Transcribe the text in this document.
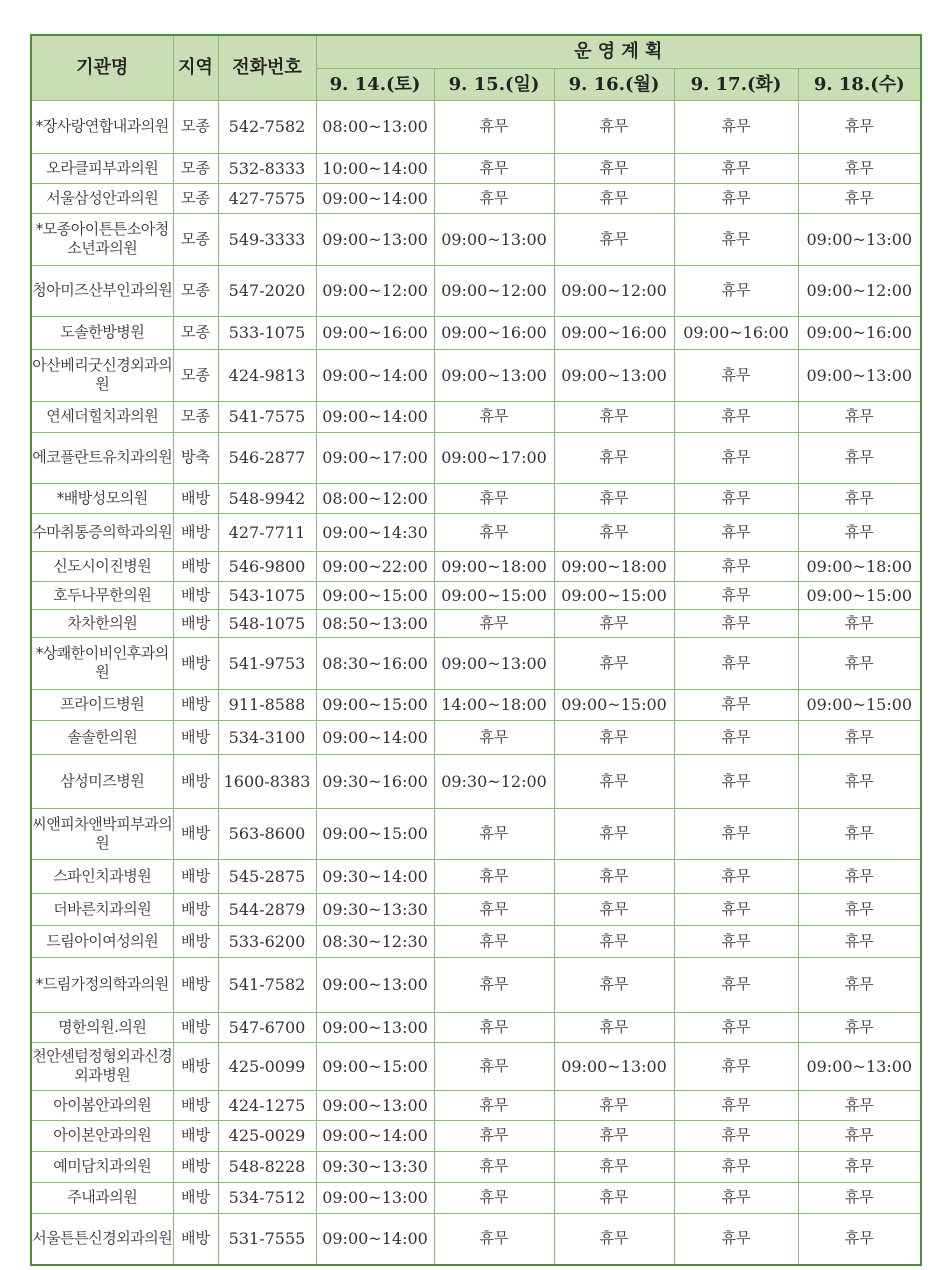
기관명	지역	전화번호	운 영 계 획				
			9. 14.(토)	9. 15.(일)	9. 16.(월)	9. 17.(화)	9. 18.(수)
*장사랑연합내과의원	모종	542-7582	08:00~13:00	휴무	휴무	휴무	휴무
오라클피부과의원	모종	532-8333	10:00~14:00	휴무	휴무	휴무	휴무
서울삼성안과의원	모종	427-7575	09:00~14:00	휴무	휴무	휴무	휴무
*모종아이튼튼소아청소년과의원	모종	549-3333	09:00~13:00	09:00~13:00	휴무	휴무	09:00~13:00
청아미즈산부인과의원	모종	547-2020	09:00~12:00	09:00~12:00	09:00~12:00	휴무	09:00~12:00
도솔한방병원	모종	533-1075	09:00~16:00	09:00~16:00	09:00~16:00	09:00~16:00	09:00~16:00
아산베리굿신경외과의원	모종	424-9813	09:00~14:00	09:00~13:00	09:00~13:00	휴무	09:00~13:00
연세더힐치과의원	모종	541-7575	09:00~14:00	휴무	휴무	휴무	휴무
에코플란트유치과의원	방축	546-2877	09:00~17:00	09:00~17:00	휴무	휴무	휴무
*배방성모의원	배방	548-9942	08:00~12:00	휴무	휴무	휴무	휴무
수마취통증의학과의원	배방	427-7711	09:00~14:30	휴무	휴무	휴무	휴무
신도시이진병원	배방	546-9800	09:00~22:00	09:00~18:00	09:00~18:00	휴무	09:00~18:00
호두나무한의원	배방	543-1075	09:00~15:00	09:00~15:00	09:00~15:00	휴무	09:00~15:00
차차한의원	배방	548-1075	08:50~13:00	휴무	휴무	휴무	휴무
*상쾌한이비인후과의원	배방	541-9753	08:30~16:00	09:00~13:00	휴무	휴무	휴무
프라이드병원	배방	911-8588	09:00~15:00	14:00~18:00	09:00~15:00	휴무	09:00~15:00
솔솔한의원	배방	534-3100	09:00~14:00	휴무	휴무	휴무	휴무
삼성미즈병원	배방	1600-8383	09:30~16:00	09:30~12:00	휴무	휴무	휴무
씨앤피차앤박피부과의원	배방	563-8600	09:00~15:00	휴무	휴무	휴무	휴무
스파인치과병원	배방	545-2875	09:30~14:00	휴무	휴무	휴무	휴무
더바른치과의원	배방	544-2879	09:30~13:30	휴무	휴무	휴무	휴무
드림아이여성의원	배방	533-6200	08:30~12:30	휴무	휴무	휴무	휴무
*드림가정의학과의원	배방	541-7582	09:00~13:00	휴무	휴무	휴무	휴무
명한의원.의원	배방	547-6700	09:00~13:00	휴무	휴무	휴무	휴무
천안센텀정형외과신경외과병원	배방	425-0099	09:00~15:00	휴무	09:00~13:00	휴무	09:00~13:00
아이봄안과의원	배방	424-1275	09:00~13:00	휴무	휴무	휴무	휴무
아이본안과의원	배방	425-0029	09:00~14:00	휴무	휴무	휴무	휴무
예미담치과의원	배방	548-8228	09:30~13:30	휴무	휴무	휴무	휴무
주내과의원	배방	534-7512	09:00~13:00	휴무	휴무	휴무	휴무
서울튼튼신경외과의원	배방	531-7555	09:00~14:00	휴무	휴무	휴무	휴무
